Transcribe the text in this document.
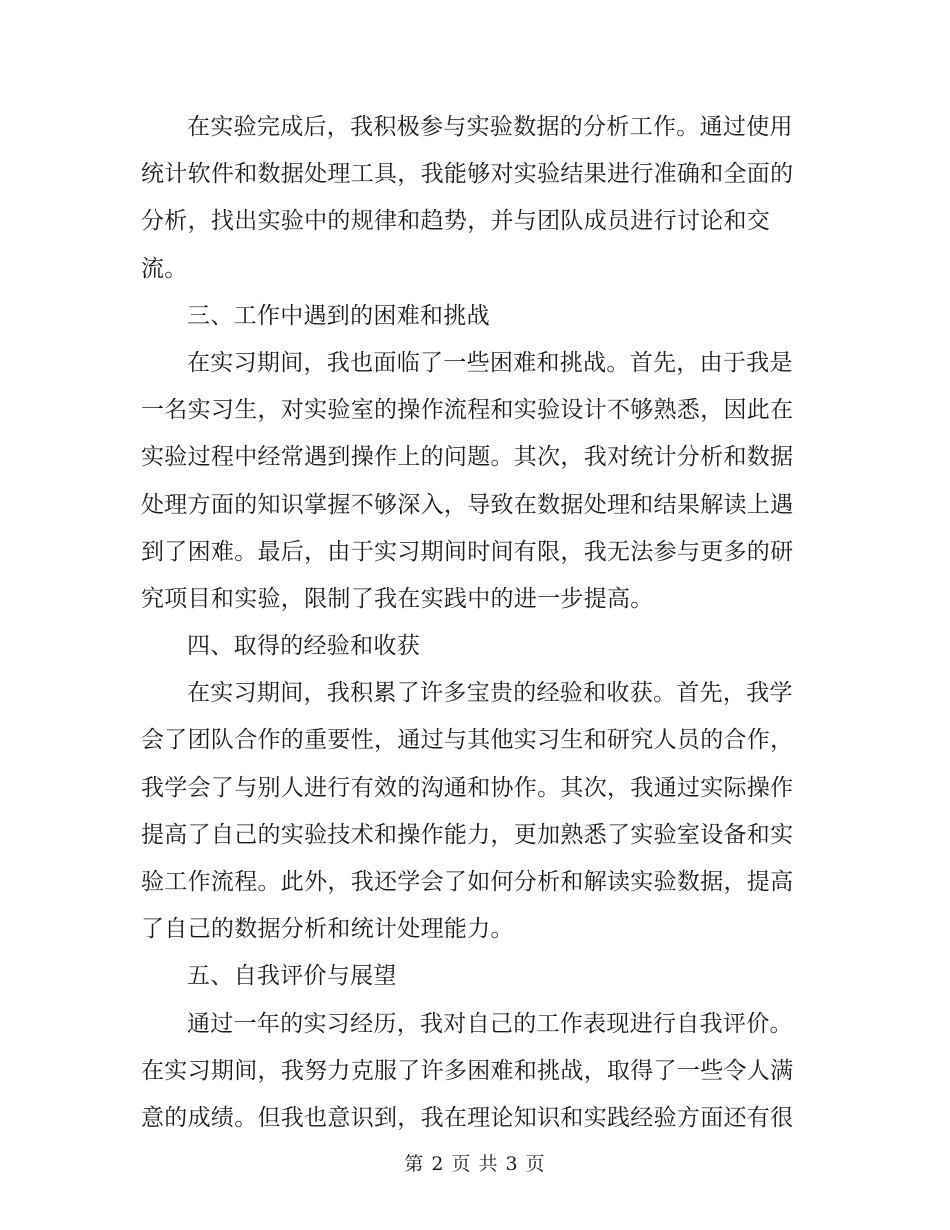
在实验完成后，我积极参与实验数据的分析工作。通过使用
统计软件和数据处理工具，我能够对实验结果进行准确和全面的
分析，找出实验中的规律和趋势，并与团队成员进行讨论和交
流。
三、工作中遇到的困难和挑战
在实习期间，我也面临了一些困难和挑战。首先，由于我是
一名实习生，对实验室的操作流程和实验设计不够熟悉，因此在
实验过程中经常遇到操作上的问题。其次，我对统计分析和数据
处理方面的知识掌握不够深入，导致在数据处理和结果解读上遇
到了困难。最后，由于实习期间时间有限，我无法参与更多的研
究项目和实验，限制了我在实践中的进一步提高。
四、取得的经验和收获
在实习期间，我积累了许多宝贵的经验和收获。首先，我学
会了团队合作的重要性，通过与其他实习生和研究人员的合作，
我学会了与别人进行有效的沟通和协作。其次，我通过实际操作
提高了自己的实验技术和操作能力，更加熟悉了实验室设备和实
验工作流程。此外，我还学会了如何分析和解读实验数据，提高
了自己的数据分析和统计处理能力。
五、自我评价与展望
通过一年的实习经历，我对自己的工作表现进行自我评价。
在实习期间，我努力克服了许多困难和挑战，取得了一些令人满
意的成绩。但我也意识到，我在理论知识和实践经验方面还有很
第 2 页 共 3 页
